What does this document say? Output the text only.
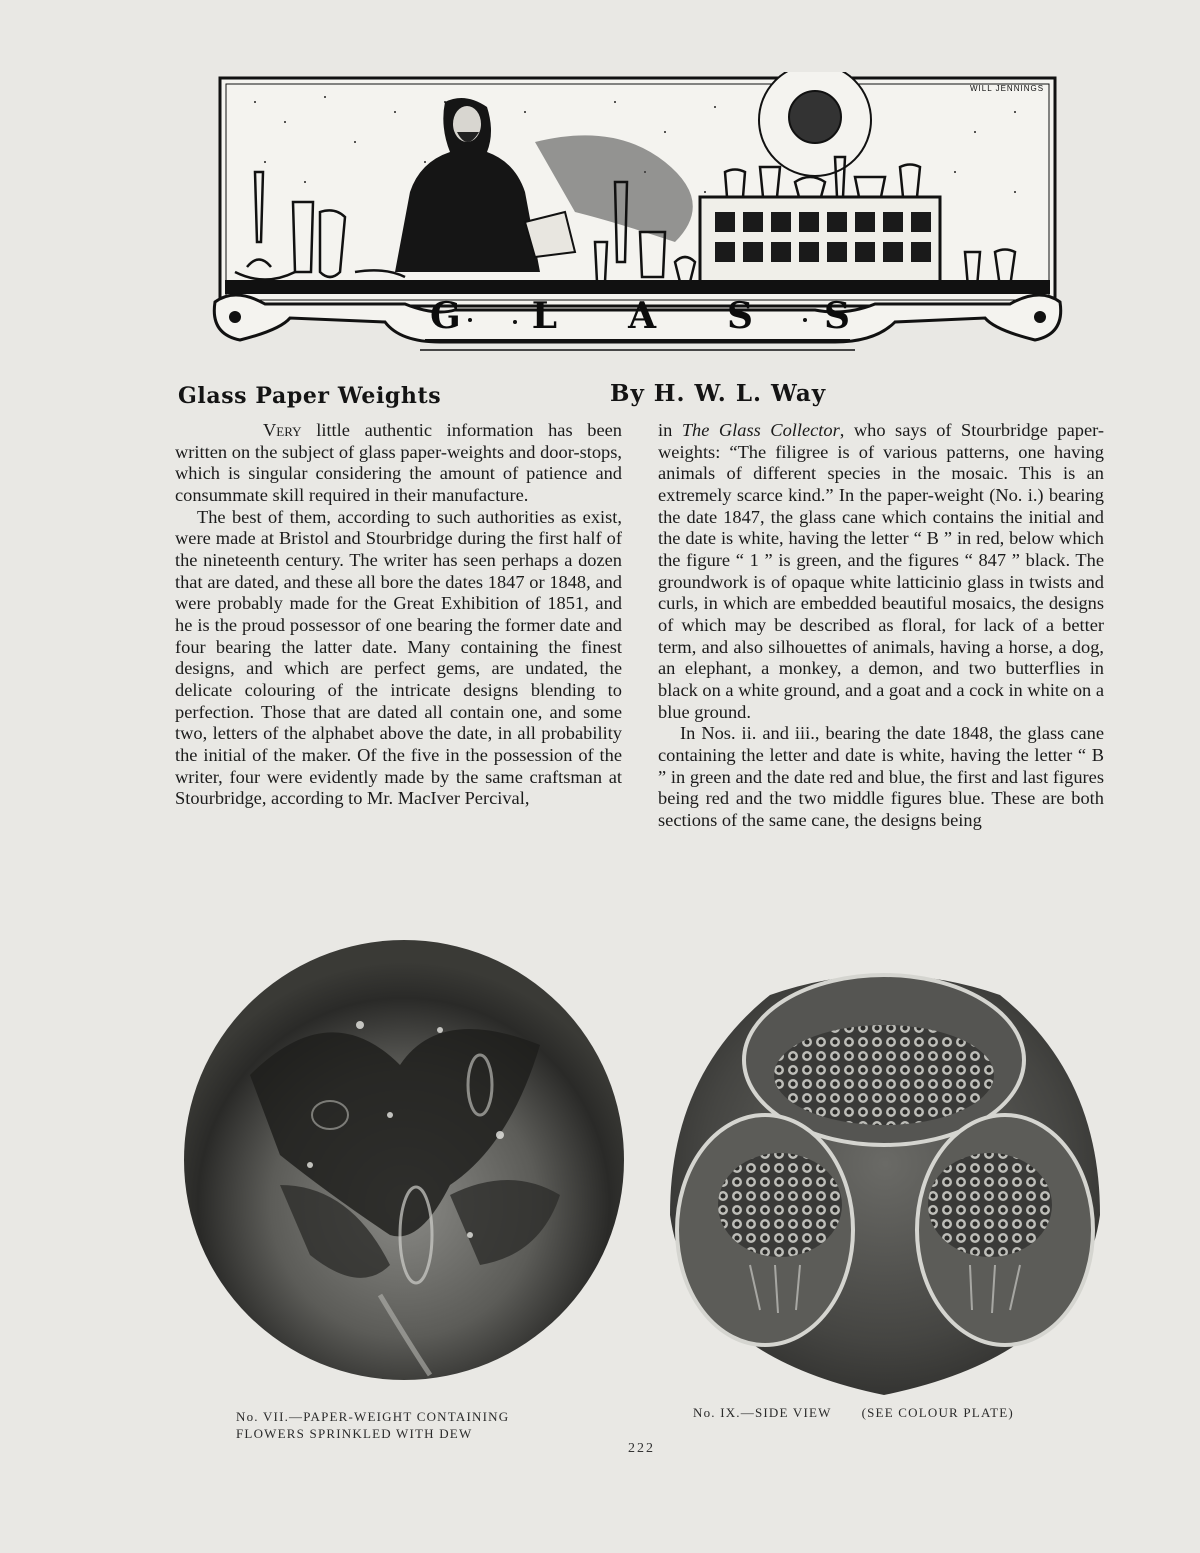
WILL JENNINGS
G L A S S
Glass Paper Weights	By H. W. L. Way

Very little authentic information has been written on the subject of glass paper-weights and door-stops, which is singular considering the amount of patience and consummate skill required in their manufacture.

The best of them, according to such authorities as exist, were made at Bristol and Stourbridge during the first half of the nineteenth century. The writer has seen perhaps a dozen that are dated, and these all bore the dates 1847 or 1848, and were probably made for the Great Exhibition of 1851, and he is the proud possessor of one bearing the former date and four bearing the latter date. Many containing the finest designs, and which are perfect gems, are undated, the delicate colouring of the intricate designs blending to perfection. Those that are dated all contain one, and some two, letters of the alphabet above the date, in all probability the initial of the maker. Of the five in the possession of the writer, four were evidently made by the same craftsman at Stourbridge, according to Mr. MacIver Percival,

in The Glass Collector, who says of Stourbridge paper-weights: “The filigree is of various patterns, one having animals of different species in the mosaic. This is an extremely scarce kind.” In the paper-weight (No. i.) bearing the date 1847, the glass cane which contains the initial and the date is white, having the letter “ B ” in red, below which the figure “ 1 ” is green, and the figures “ 847 ” black. The groundwork is of opaque white latticinio glass in twists and curls, in which are embedded beautiful mosaics, the designs of which may be described as floral, for lack of a better term, and also silhouettes of animals, having a horse, a dog, an elephant, a monkey, a demon, and two butterflies in black on a white ground, and a goat and a cock in white on a blue ground.

In Nos. ii. and iii., bearing the date 1848, the glass cane containing the letter and date is white, having the letter “ B ” in green and the date red and blue, the first and last figures being red and the two middle figures blue. These are both sections of the same cane, the designs being

No. VII.—PAPER-WEIGHT CONTAINING
FLOWERS SPRINKLED WITH DEW
No. IX.—SIDE VIEW (SEE COLOUR PLATE)
222
